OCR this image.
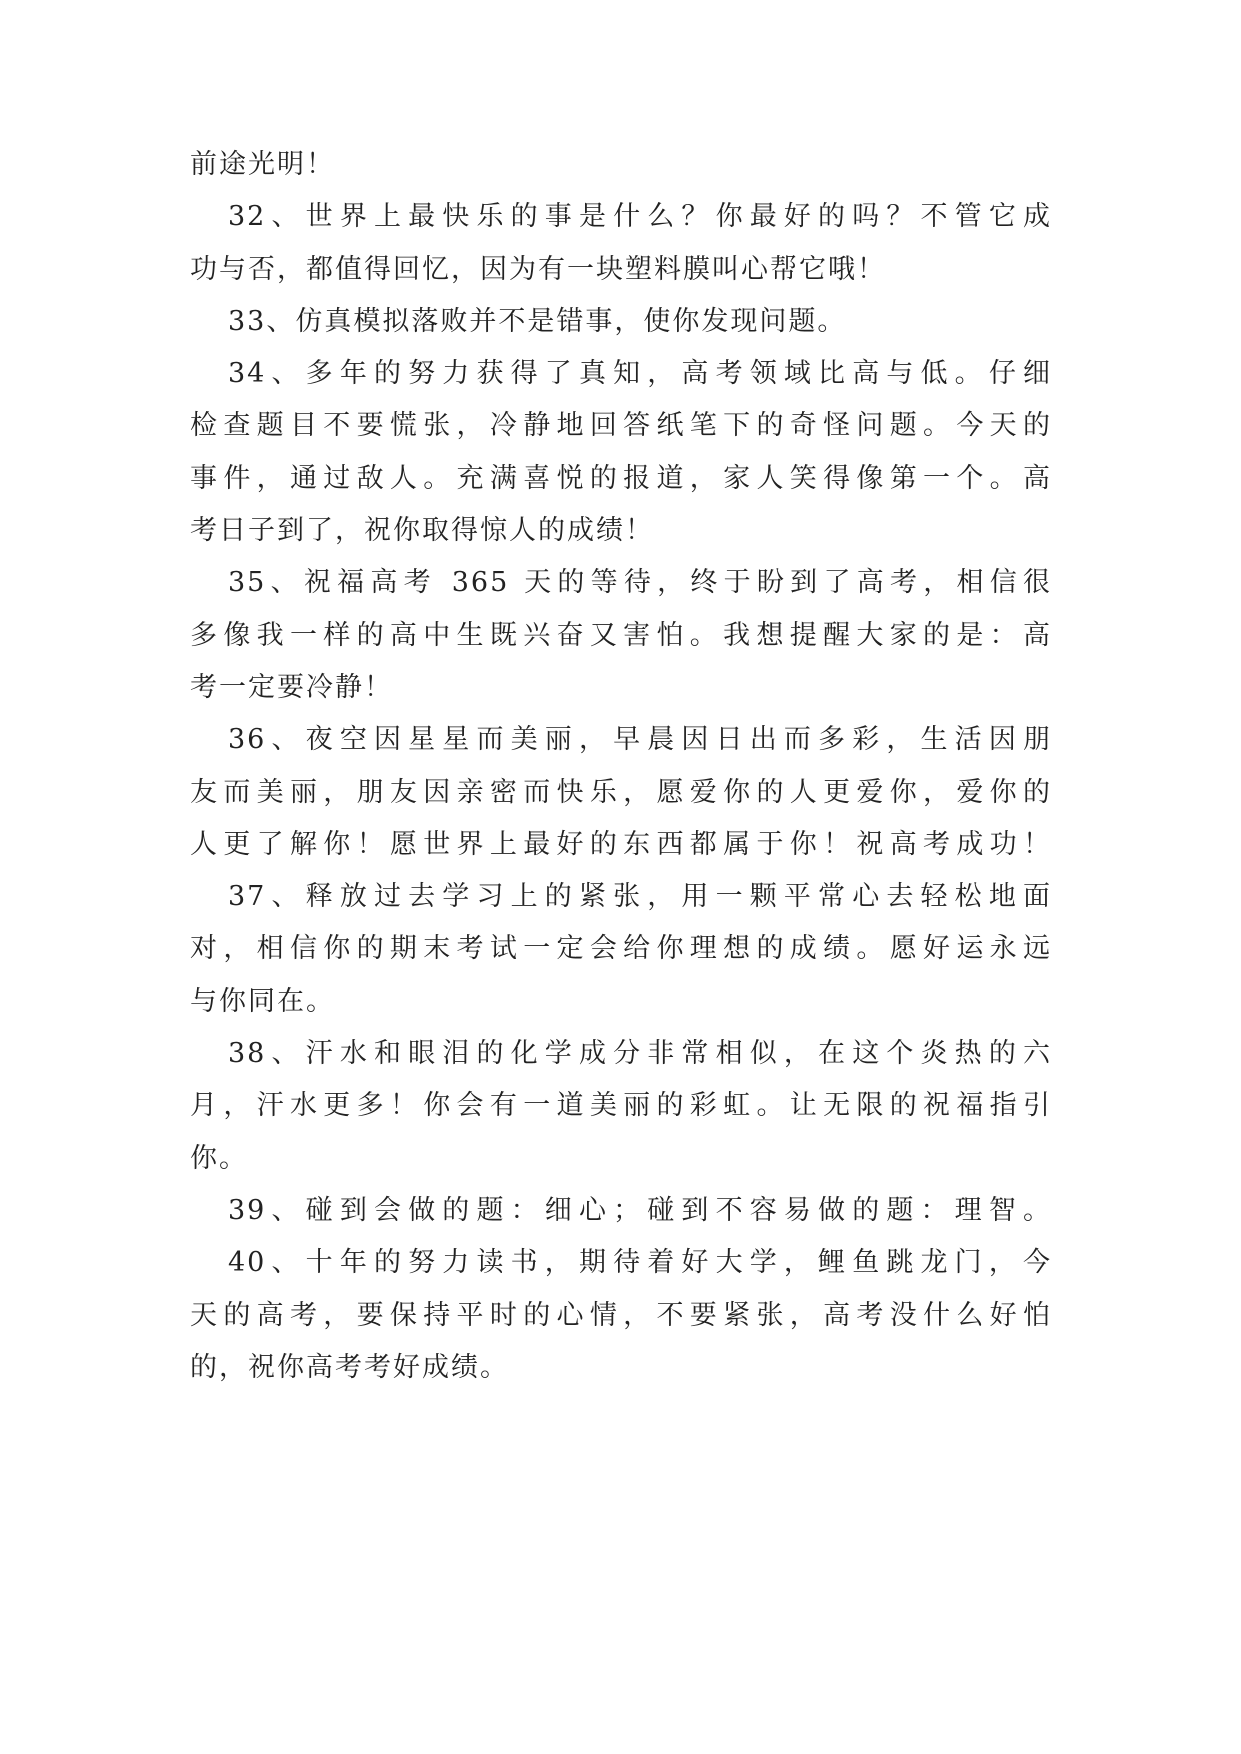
前途光明！
32、世界上最快乐的事是什么？你最好的吗？不管它成
功与否，都值得回忆，因为有一块塑料膜叫心帮它哦！
33、仿真模拟落败并不是错事，使你发现问题。
34、多年的努力获得了真知，高考领域比高与低。仔细
检查题目不要慌张，冷静地回答纸笔下的奇怪问题。今天的
事件，通过敌人。充满喜悦的报道，家人笑得像第一个。高
考日子到了，祝你取得惊人的成绩！
35、祝福高考 365 天的等待，终于盼到了高考，相信很
多像我一样的高中生既兴奋又害怕。我想提醒大家的是：高
考一定要冷静！
36、夜空因星星而美丽，早晨因日出而多彩，生活因朋
友而美丽，朋友因亲密而快乐，愿爱你的人更爱你，爱你的
人更了解你！愿世界上最好的东西都属于你！祝高考成功！
37、释放过去学习上的紧张，用一颗平常心去轻松地面
对，相信你的期末考试一定会给你理想的成绩。愿好运永远
与你同在。
38、汗水和眼泪的化学成分非常相似，在这个炎热的六
月，汗水更多！你会有一道美丽的彩虹。让无限的祝福指引
你。
39、碰到会做的题：细心；碰到不容易做的题：理智。
40、十年的努力读书，期待着好大学，鲤鱼跳龙门，今
天的高考，要保持平时的心情，不要紧张，高考没什么好怕
的，祝你高考考好成绩。
